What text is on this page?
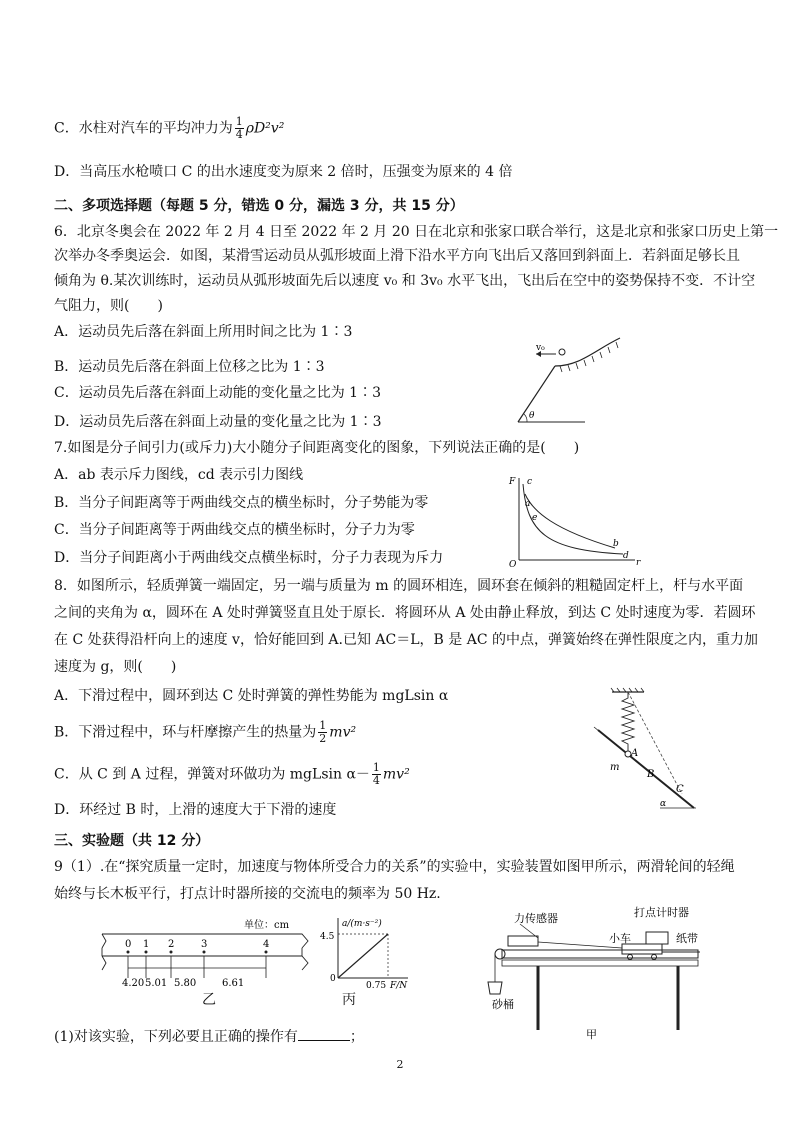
C．水柱对汽车的平均冲力为 $\frac{1}{4} \rho D^2v^2$
D．当高压水枪喷口 C 的出水速度变为原来 2 倍时，压强变为原来的 4 倍
二、多项选择题（每题 5 分，错选 0 分，漏选 3 分，共 15 分）
6．北京冬奥会在 2022 年 2 月 4 日至 2022 年 2 月 20 日在北京和张家口联合举行，这是北京和张家口历史上第一
次举办冬季奥运会．如图，某滑雪运动员从弧形坡面上滑下沿水平方向飞出后又落回到斜面上．若斜面足够长且
倾角为 θ.某次训练时，运动员从弧形坡面先后以速度 v₀ 和 3v₀ 水平飞出，飞出后在空中的姿势保持不变．不计空
气阻力，则(　　)
A．运动员先后落在斜面上所用时间之比为 1∶3
B．运动员先后落在斜面上位移之比为 1∶3
C．运动员先后落在斜面上动能的变化量之比为 1∶3
D．运动员先后落在斜面上动量的变化量之比为 1∶3
v₀
θ
7.如图是分子间引力(或斥力)大小随分子间距离变化的图象，下列说法正确的是(　　)
A．ab 表示斥力图线，cd 表示引力图线
B．当分子间距离等于两曲线交点的横坐标时，分子势能为零
C．当分子间距离等于两曲线交点的横坐标时，分子力为零
D．当分子间距离小于两曲线交点横坐标时，分子力表现为斥力
F c
a
e
b
d
O	r
8．如图所示，轻质弹簧一端固定，另一端与质量为 m 的圆环相连，圆环套在倾斜的粗糙固定杆上，杆与水平面
之间的夹角为 α，圆环在 A 处时弹簧竖直且处于原长．将圆环从 A 处由静止释放，到达 C 处时速度为零．若圆环
在 C 处获得沿杆向上的速度 v，恰好能回到 A.已知 AC＝L，B 是 AC 的中点，弹簧始终在弹性限度之内，重力加
速度为 g，则(　　)
A．下滑过程中，圆环到达 C 处时弹簧的弹性势能为 mgLsin α
B．下滑过程中，环与杆摩擦产生的热量为 $\frac{1}{2} mv^2$
C．从 C 到 A 过程，弹簧对环做功为 mgLsin $\alpha- \frac{1}{4} mv^2$
D．环经过 B 时，上滑的速度大于下滑的速度
A
m
B
C
α
三、实验题（共 12 分）
9（1）.在“探究质量一定时，加速度与物体所受合力的关系”的实验中，实验装置如图甲所示，两滑轮间的轻绳
始终与长木板平行，打点计时器所接的交流电的频率为 50 Hz.
单位：cm
0 1 2	3	4
4.20 5.01 5.80	6.61
乙
a/(m·s⁻²)
4.5
0
0.75 F/N
丙
力传感器	打点计时器
小车	纸带
砂桶
甲
(1)对该实验，下列必要且正确的操作有	；
2
